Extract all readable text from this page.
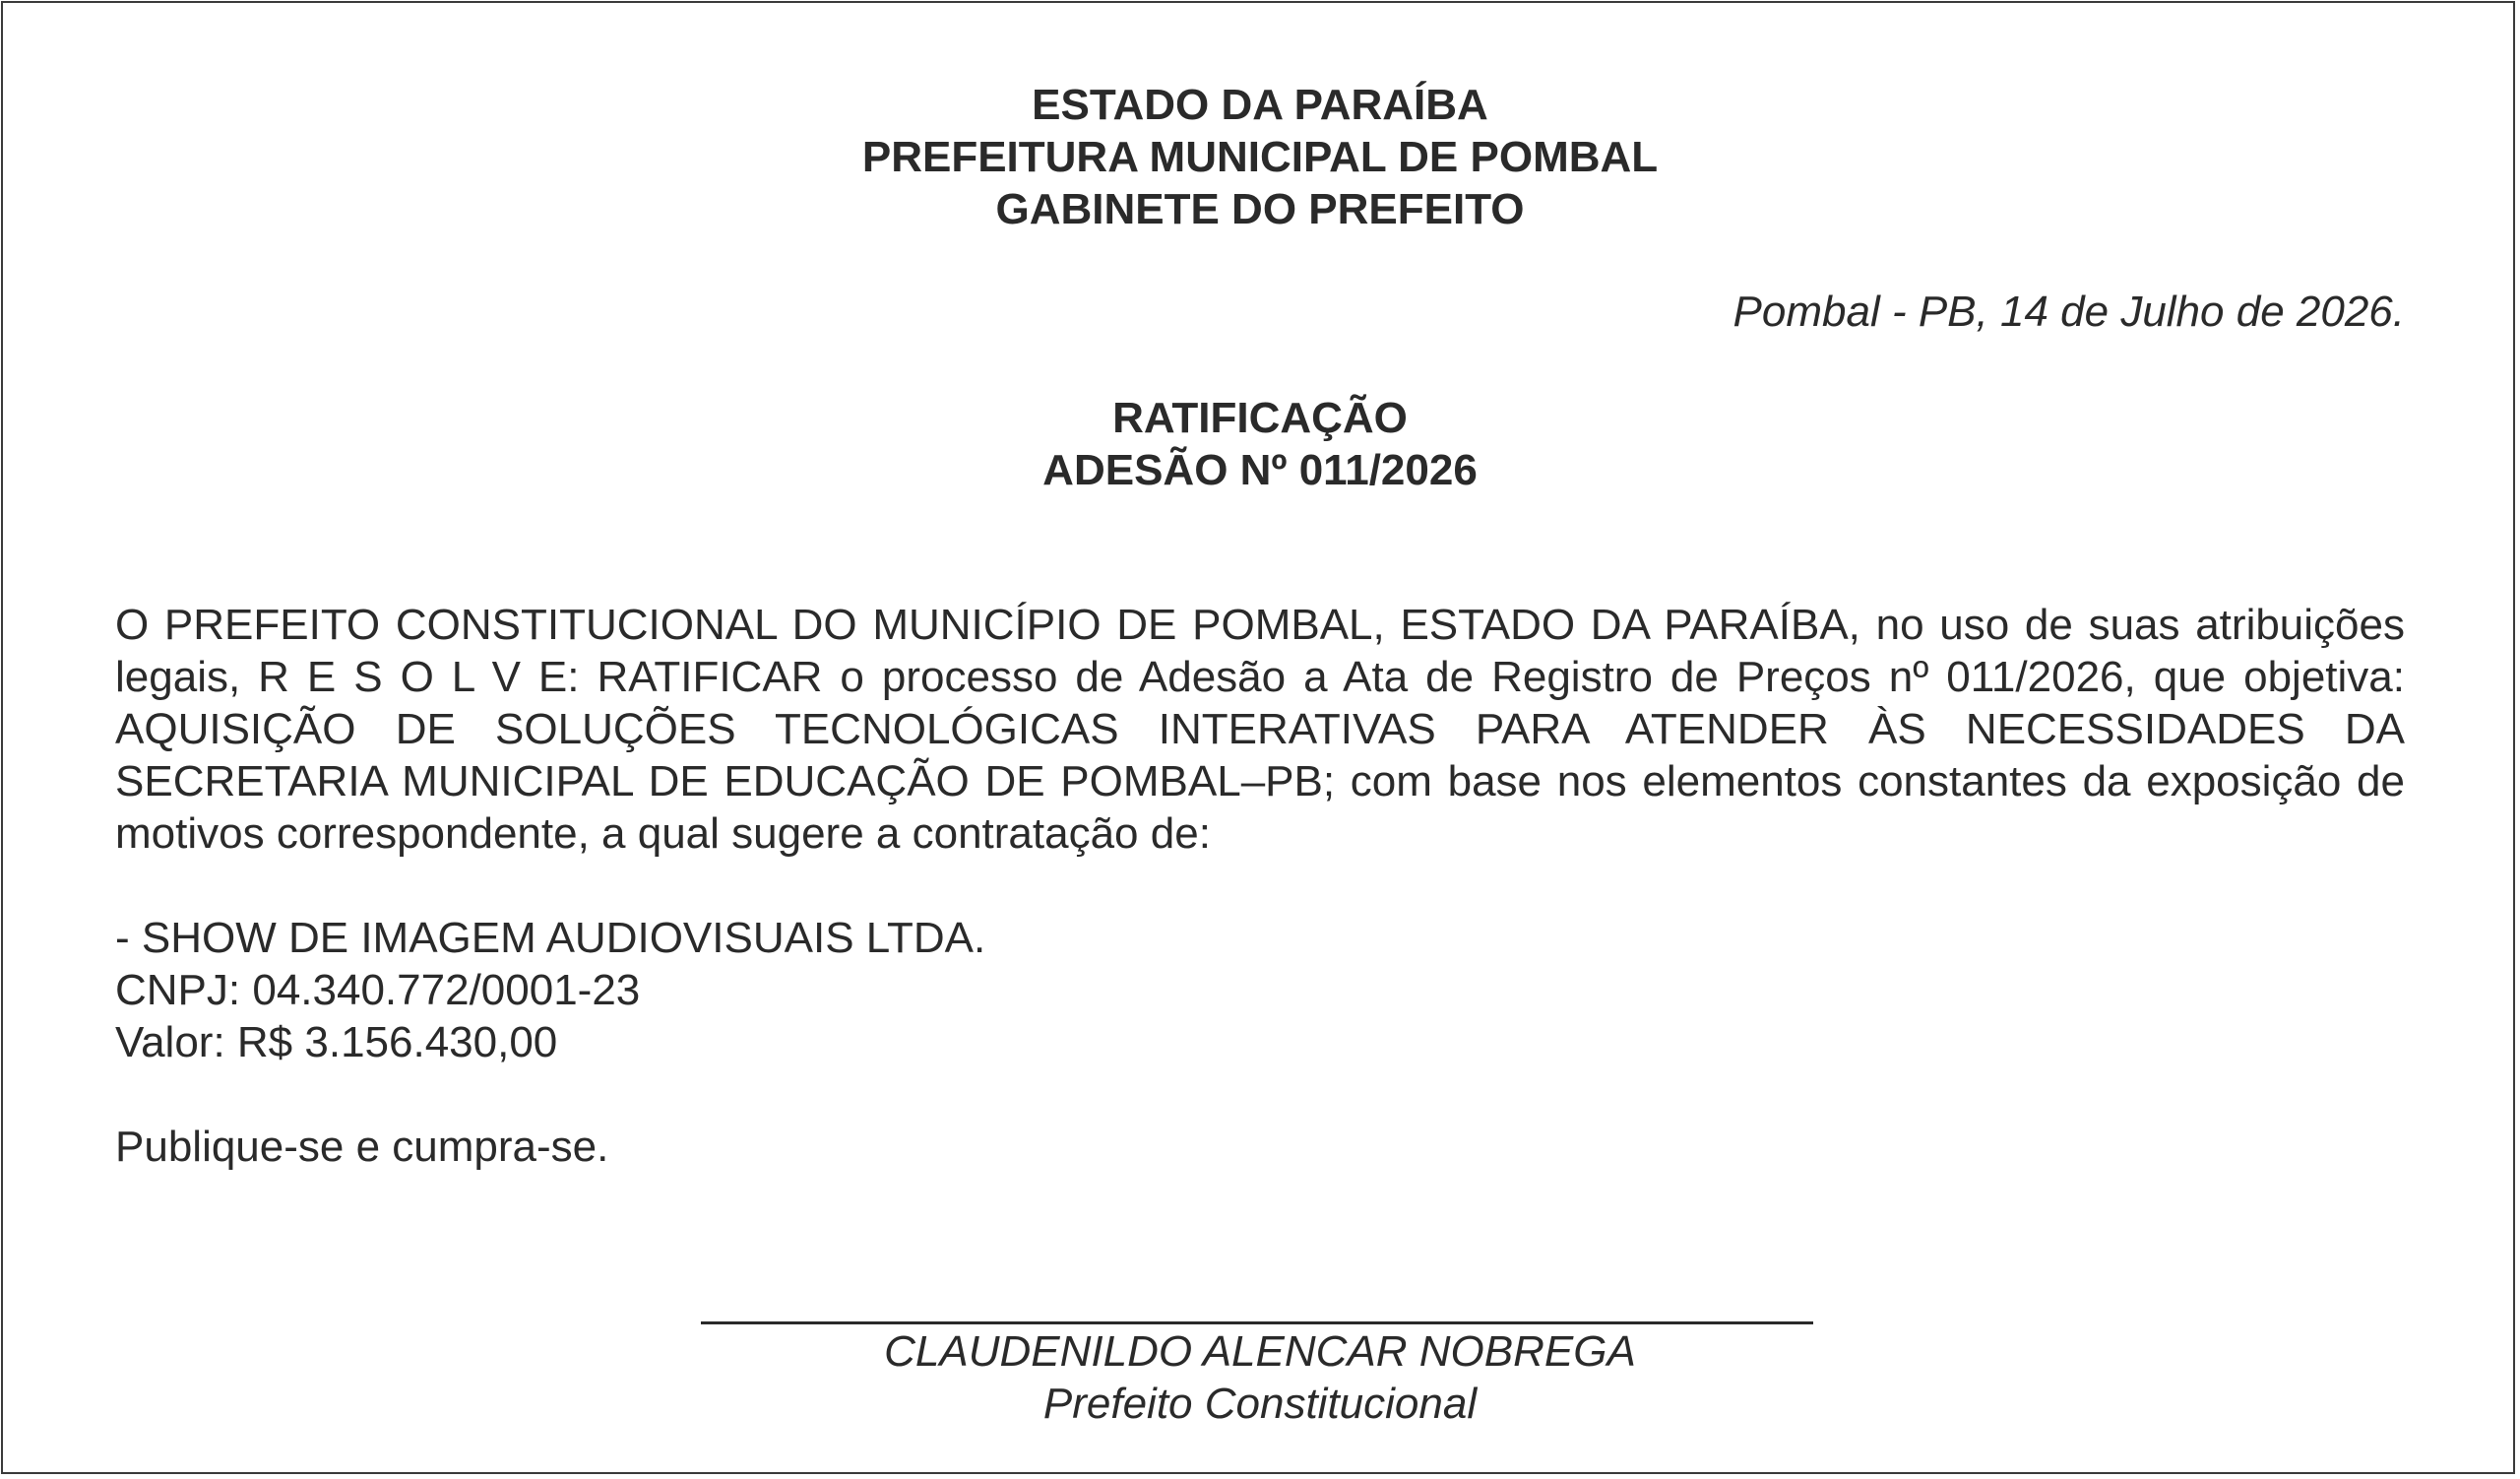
ESTADO DA PARAÍBA
PREFEITURA MUNICIPAL DE POMBAL
GABINETE DO PREFEITO
Pombal - PB, 14 de Julho de 2026.
RATIFICAÇÃO
ADESÃO Nº 011/2026
O PREFEITO CONSTITUCIONAL DO MUNICÍPIO DE POMBAL, ESTADO DA PARAÍBA, no uso de suas atribuições legais, R E S O L V E: RATIFICAR o processo de Adesão a Ata de Registro de Preços nº 011/2026, que objetiva: AQUISIÇÃO DE SOLUÇÕES TECNOLÓGICAS INTERATIVAS PARA ATENDER ÀS NECESSIDADES DA SECRETARIA MUNICIPAL DE EDUCAÇÃO DE POMBAL–PB; com base nos elementos constantes da exposição de motivos correspondente, a qual sugere a contratação de:
- SHOW DE IMAGEM AUDIOVISUAIS LTDA.
CNPJ: 04.340.772/0001-23
Valor: R$ 3.156.430,00
Publique-se e cumpra-se.
CLAUDENILDO ALENCAR NOBREGA
Prefeito Constitucional
